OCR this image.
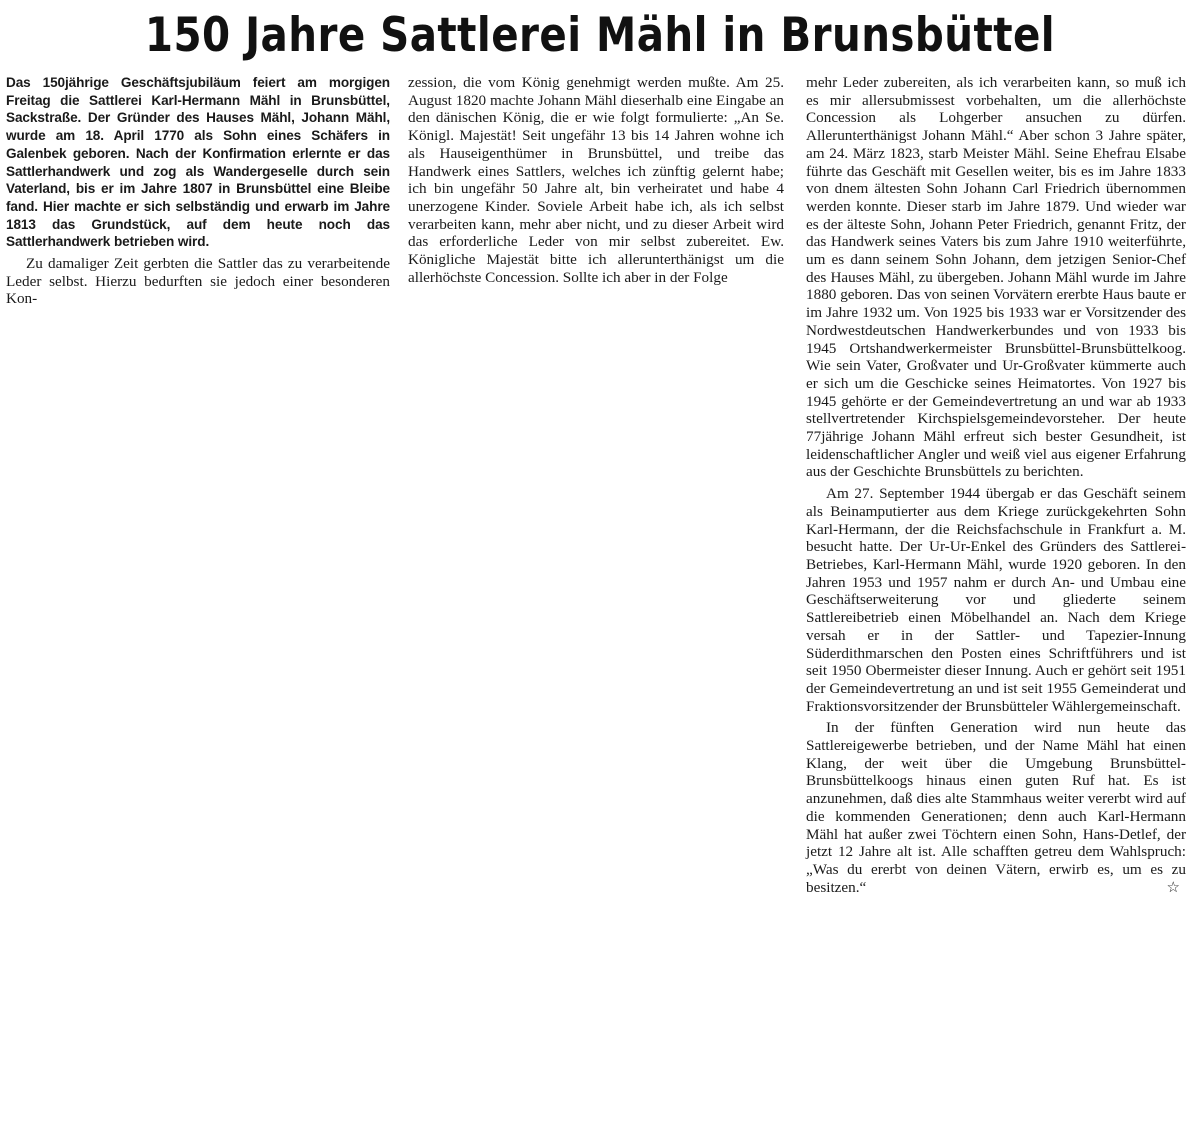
150 Jahre Sattlerei Mähl in Brunsbüttel

Das 150jährige Geschäftsjubiläum feiert am morgigen Freitag die Sattlerei Karl-Hermann Mähl in Brunsbüttel, Sackstraße. Der Gründer des Hauses Mähl, Johann Mähl, wurde am 18. April 1770 als Sohn eines Schäfers in Galenbek geboren. Nach der Konfirmation erlernte er das Sattlerhandwerk und zog als Wandergeselle durch sein Vaterland, bis er im Jahre 1807 in Brunsbüttel eine Bleibe fand. Hier machte er sich selbständig und erwarb im Jahre 1813 das Grundstück, auf dem heute noch das Sattlerhandwerk betrieben wird.

Zu damaliger Zeit gerbten die Sattler das zu verarbeitende Leder selbst. Hierzu bedurften sie jedoch einer besonderen Kon-

zession, die vom König genehmigt werden mußte. Am 25. August 1820 machte Johann Mähl dieserhalb eine Eingabe an den dänischen König, die er wie folgt formulierte: „An Se. Königl. Majestät! Seit ungefähr 13 bis 14 Jahren wohne ich als Hauseigenthümer in Brunsbüttel, und treibe das Handwerk eines Sattlers, welches ich zünftig gelernt habe; ich bin ungefähr 50 Jahre alt, bin verheiratet und habe 4 unerzogene Kinder. Soviele Arbeit habe ich, als ich selbst verarbeiten kann, mehr aber nicht, und zu dieser Arbeit wird das erforderliche Leder von mir selbst zubereitet. Ew. Königliche Majestät bitte ich allerunterthänigst um die allerhöchste Concession. Sollte ich aber in der Folge

mehr Leder zubereiten, als ich verarbeiten kann, so muß ich es mir allersubmissest vorbehalten, um die allerhöchste Concession als Lohgerber ansuchen zu dürfen. Allerunterthänigst Johann Mähl.“ Aber schon 3 Jahre später, am 24. März 1823, starb Meister Mähl. Seine Ehefrau Elsabe führte das Geschäft mit Gesellen weiter, bis es im Jahre 1833 von dnem ältesten Sohn Johann Carl Friedrich übernommen werden konnte. Dieser starb im Jahre 1879. Und wieder war es der älteste Sohn, Johann Peter Friedrich, genannt Fritz, der das Handwerk seines Vaters bis zum Jahre 1910 weiterführte, um es dann seinem Sohn Johann, dem jetzigen Senior-Chef des Hauses Mähl, zu übergeben. Johann Mähl wurde im Jahre 1880 geboren. Das von seinen Vorvätern ererbte Haus baute er im Jahre 1932 um. Von 1925 bis 1933 war er Vorsitzender des Nordwestdeutschen Handwerkerbundes und von 1933 bis 1945 Ortshandwerkermeister Brunsbüttel-Brunsbüttelkoog. Wie sein Vater, Großvater und Ur-Großvater kümmerte auch er sich um die Geschicke seines Heimatortes. Von 1927 bis 1945 gehörte er der Gemeindevertretung an und war ab 1933 stellvertretender Kirchspielsgemeindevorsteher. Der heute 77jährige Johann Mähl erfreut sich bester Gesundheit, ist leidenschaftlicher Angler und weiß viel aus eigener Erfahrung aus der Geschichte Brunsbüttels zu berichten.

Am 27. September 1944 übergab er das Geschäft seinem als Beinamputierter aus dem Kriege zurückgekehrten Sohn Karl-Hermann, der die Reichsfachschule in Frankfurt a. M. besucht hatte. Der Ur-Ur-Enkel des Gründers des Sattlerei-Betriebes, Karl-Hermann Mähl, wurde 1920 geboren. In den Jahren 1953 und 1957 nahm er durch An- und Umbau eine Geschäftserweiterung vor und gliederte seinem Sattlereibetrieb einen Möbelhandel an. Nach dem Kriege versah er in der Sattler- und Tapezier-Innung Süderdithmarschen den Posten eines Schriftführers und ist seit 1950 Obermeister dieser Innung. Auch er gehört seit 1951 der Gemeindevertretung an und ist seit 1955 Gemeinderat und Fraktionsvorsitzender der Brunsbütteler Wählergemeinschaft.

In der fünften Generation wird nun heute das Sattlereigewerbe betrieben, und der Name Mähl hat einen Klang, der weit über die Umgebung Brunsbüttel-Brunsbüttelkoogs hinaus einen guten Ruf hat. Es ist anzunehmen, daß dies alte Stammhaus weiter vererbt wird auf die kommenden Generationen; denn auch Karl-Hermann Mähl hat außer zwei Töchtern einen Sohn, Hans-Detlef, der jetzt 12 Jahre alt ist. Alle schafften getreu dem Wahlspruch: „Was du ererbt von deinen Vätern, erwirb es, um es zu besitzen.“	☆
